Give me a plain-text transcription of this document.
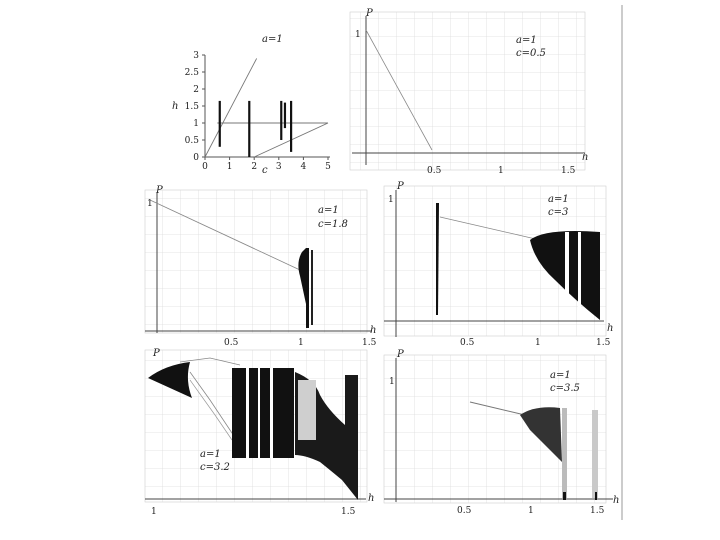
0
0.5
1
1.5
2
2.5
3
0 1 2 3 4 5
a=1
h
c
P
1
0.5	1	1.5
h
a=1
c=0.5
P
1
0.5	1	1.5
h
a=1
c=1.8
P
1
0.5	1	1.5
h
a=1
c=3
1	1.5
h
P
a=1
c=3.2
P
1
0.5	1	1.5
h
a=1
c=3.5
